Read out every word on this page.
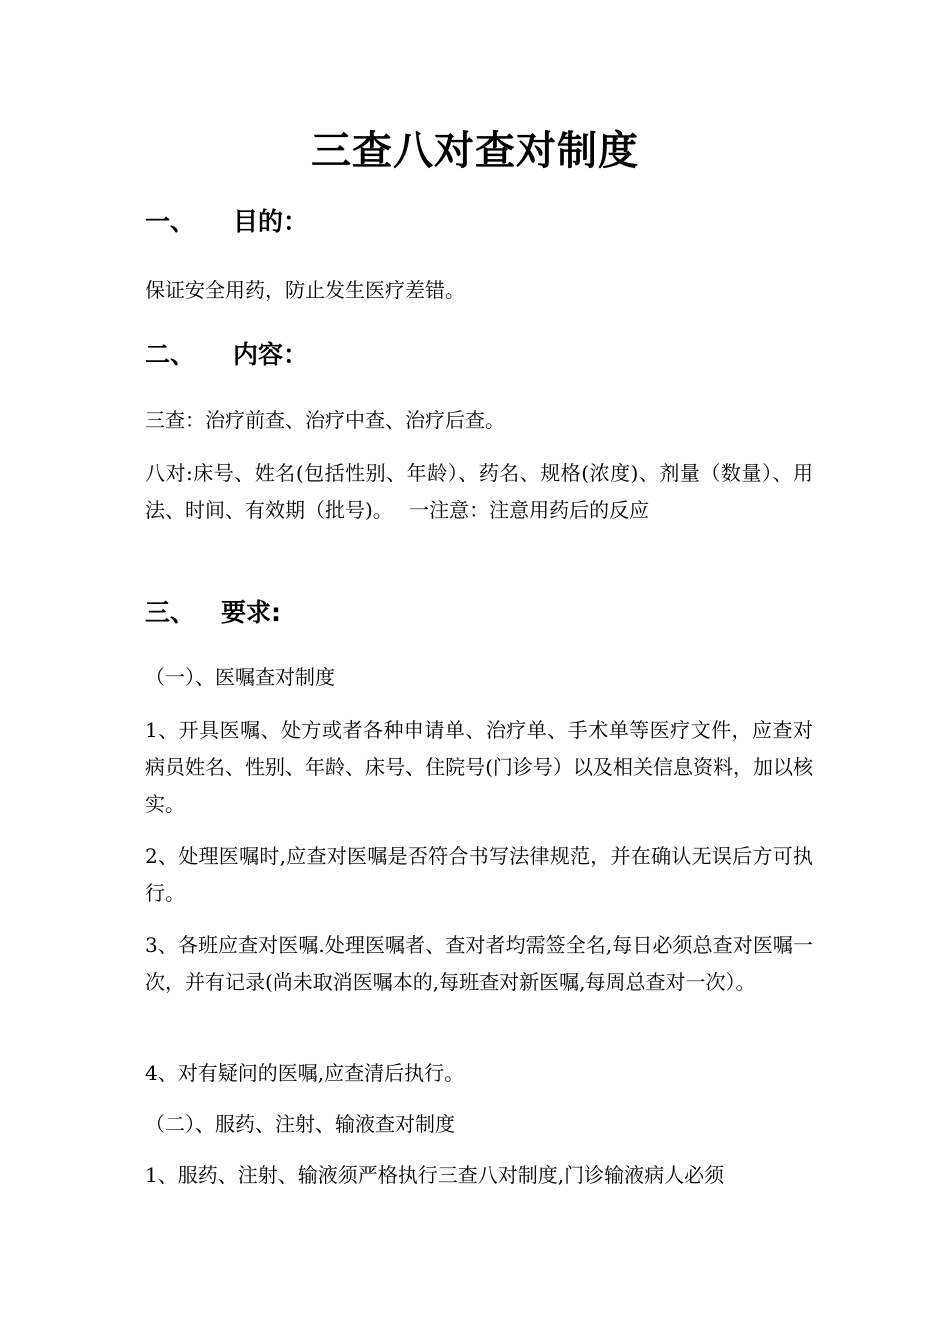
三查八对查对制度
一、 目的：
保证安全用药，防止发生医疗差错。
二、 内容：
三查：治疗前查、治疗中查、治疗后查。
八对:床号、姓名(包括性别、年龄）、药名、规格(浓度)、剂量（数量）、用法、时间、有效期（批号)。　 一注意：注意用药后的反应
三、 要求:
（一）、医嘱查对制度
1、开具医嘱、处方或者各种申请单、治疗单、手术单等医疗文件，应查对病员姓名、性别、年龄、床号、住院号(门诊号）以及相关信息资料，加以核实。
2、处理医嘱时,应查对医嘱是否符合书写法律规范，并在确认无误后方可执行。
3、各班应查对医嘱.处理医嘱者、查对者均需签全名,每日必须总查对医嘱一次，并有记录(尚未取消医嘱本的,每班查对新医嘱,每周总查对一次）。
4、对有疑问的医嘱,应查清后执行。
（二）、服药、注射、输液查对制度
1、服药、注射、输液须严格执行三查八对制度,门诊输液病人必须
